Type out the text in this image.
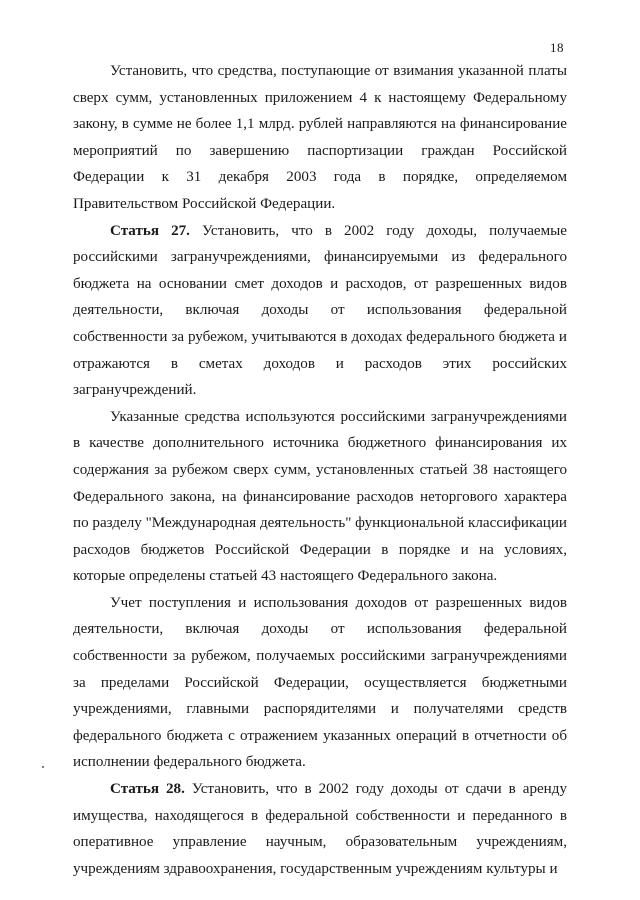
18

Установить, что средства, поступающие от взимания указанной платы сверх сумм, установленных приложением 4 к настоящему Федеральному закону, в сумме не более 1,1 млрд. рублей направляются на финансирование мероприятий по завершению паспортизации граждан Российской Федерации к 31 декабря 2003 года в порядке, определяемом Правительством Российской Федерации.

Статья 27. Установить, что в 2002 году доходы, получаемые российскими загранучреждениями, финансируемыми из федерального бюджета на основании смет доходов и расходов, от разрешенных видов деятельности, включая доходы от использования федеральной собственности за рубежом, учитываются в доходах федерального бюджета и отражаются в сметах доходов и расходов этих российских загранучреждений.

Указанные средства используются российскими загранучреждениями в качестве дополнительного источника бюджетного финансирования их содержания за рубежом сверх сумм, установленных статьей 38 настоящего Федерального закона, на финансирование расходов неторгового характера по разделу "Международная деятельность" функциональной классификации расходов бюджетов Российской Федерации в порядке и на условиях, которые определены статьей 43 настоящего Федерального закона.

Учет поступления и использования доходов от разрешенных видов деятельности, включая доходы от использования федеральной собственности за рубежом, получаемых российскими загранучреждениями за пределами Российской Федерации, осуществляется бюджетными учреждениями, главными распорядителями и получателями средств федерального бюджета с отражением указанных операций в отчетности об исполнении федерального бюджета.

Статья 28. Установить, что в 2002 году доходы от сдачи в аренду имущества, находящегося в федеральной собственности и переданного в оперативное управление научным, образовательным учреждениям, учреждениям здравоохранения, государственным учреждениям культуры и
